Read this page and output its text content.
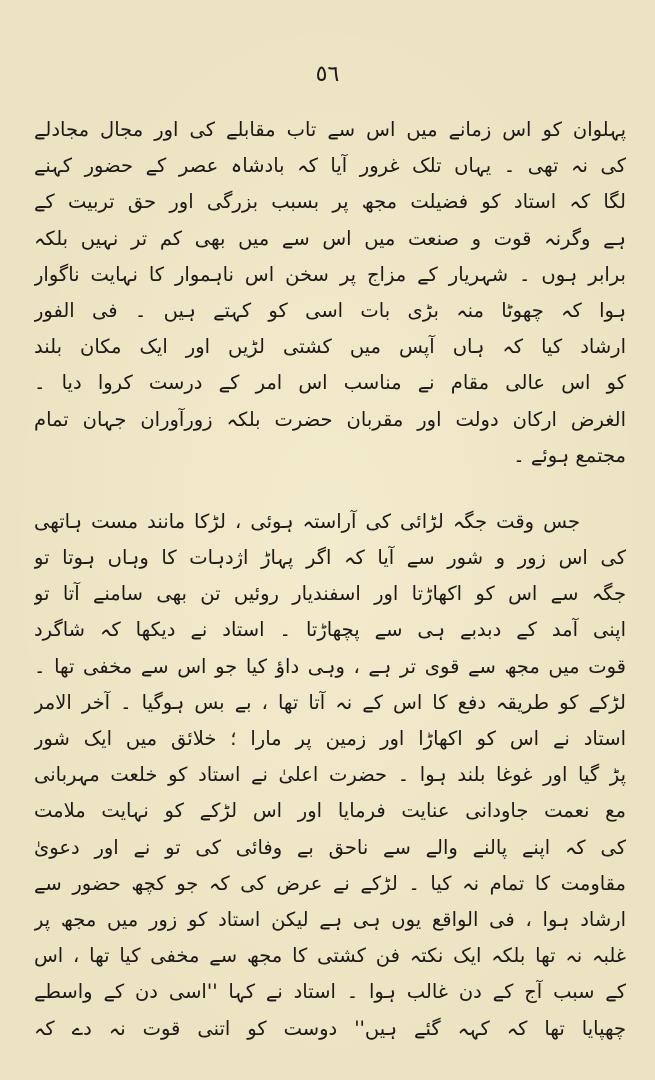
٥٦
پہلوان کو اس زمانے میں اس سے تاب مقابلے کی اور مجال مجادلے
کی نہ تھی ۔ یہاں تلک غرور آیا کہ بادشاہ عصر کے حضور کہنے
لگا کہ استاد کو فضیلت مجھ پر بسبب بزرگی اور حق تربیت کے
ہے وگرنہ قوت و صنعت میں اس سے میں بھی کم تر نہیں بلکہ
برابر ہوں ۔ شہریار کے مزاج پر سخن اس ناہموار کا نہایت ناگوار
ہوا کہ چھوٹا منہ بڑی بات اسی کو کہتے ہیں ۔ فی الفور
ارشاد کیا کہ ہاں آپس میں کشتی لڑیں اور ایک مکان بلند
کو اس عالی مقام نے مناسب اس امر کے درست کروا دیا ۔
الغرض ارکان دولت اور مقربان حضرت بلکہ زورآوران جہان تمام
مجتمع ہوئے ۔
جس وقت جگہ لڑائی کی آراستہ ہوئی ، لڑکا مانند مست ہاتھی
کی اس زور و شور سے آیا کہ اگر پہاڑ اژدہات کا وہاں ہوتا تو
جگہ سے اس کو اکھاڑتا اور اسفندیار روئیں تن بھی سامنے آتا تو
اپنی آمد کے دبدبے ہی سے پچھاڑتا ۔ استاد نے دیکھا کہ شاگرد
قوت میں مجھ سے قوی تر ہے ، وہی داؤ کیا جو اس سے مخفی تھا ۔
لڑکے کو طریقہ دفع کا اس کے نہ آتا تھا ، بے بس ہوگیا ۔ آخر الامر
استاد نے اس کو اکھاڑا اور زمین پر مارا ؛ خلائق میں ایک شور
پڑ گیا اور غوغا بلند ہوا ۔ حضرت اعلیٰ نے استاد کو خلعت مہربانی
مع نعمت جاودانی عنایت فرمایا اور اس لڑکے کو نہایت ملامت
کی کہ اپنے پالنے والے سے ناحق بے وفائی کی تو نے اور دعویٰ
مقاومت کا تمام نہ کیا ۔ لڑکے نے عرض کی کہ جو کچھ حضور سے
ارشاد ہوا ، فی الواقع یوں ہی ہے لیکن استاد کو زور میں مجھ پر
غلبہ نہ تھا بلکہ ایک نکتہ فن کشتی کا مجھ سے مخفی کیا تھا ، اس
کے سبب آج کے دن غالب ہوا ۔ استاد نے کہا ''اسی دن کے واسطے
چھپایا تھا کہ کہہ گئے ہیں'' دوست کو اتنی قوت نہ دے کہ
